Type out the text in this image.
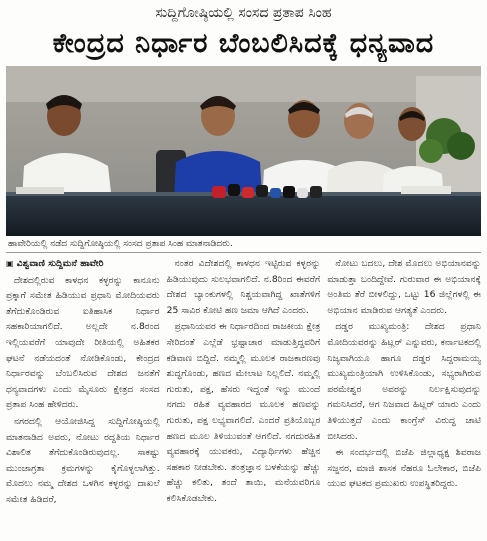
ಸುದ್ದಿಗೋಷ್ಠಿಯಲ್ಲಿ ಸಂಸದ ಪ್ರತಾಪ ಸಿಂಹ
ಕೇಂದ್ರದ ನಿರ್ಧಾರ ಬೆಂಬಲಿಸಿದಕ್ಕೆ ಧನ್ಯವಾದ
ಹಾವೇರಿಯಲ್ಲಿ ನಡೆದ ಸುದ್ದಿಗೋಷ್ಠಿಯಲ್ಲಿ ಸಂಸದ ಪ್ರತಾಪ ಸಿಂಹ ಮಾತನಾಡಿದರು.

▣ ವಿಶ್ವವಾಣಿ ಸುದ್ದಿಮನೆ ಹಾವೇರಿ

ದೇಶದಲ್ಲಿರುವ ಕಾಳಧನ ಕಳ್ಳರನ್ನು ಕಾನೂನು ಪ್ರಕ್ಕಾಗೆ ಸಮೇತ ಹಿಡಿಯುವ ಪ್ರಧಾನಿ ಮೋದಿಯವರು ತೆಗೆದುಕೊಂಡಿರುವ ಐತಿಹಾಸಿಕ ನಿರ್ಧಾರ ಸಹಕಾರಿಯಾಗಲಿದೆ. ಅಲ್ಲದೇ ನ.8ರಂದ ಇಲ್ಲಿಯವರೆಗೆ ಯಾವುದೇ ರೀತಿಯಲ್ಲಿ ಅಹಿತಕರ ಘಟನೆ ನಡೆಯದಂತೆ ನೋಡಿಕೊಂಡು, ಕೇಂದ್ರದ ನಿರ್ಧಾರವನ್ನು ಬೆಂಬಲಿಸಿರುವ ದೇಶದ ಜನತೆಗೆ ಧನ್ಯವಾದಗಳು ಎಂದು ಮೈಸೂರು ಕ್ಷೇತ್ರದ ಸಂಸದ ಪ್ರತಾಪ ಸಿಂಹ ಹೇಳಿದರು.

ನಗರದಲ್ಲಿ ಆಯೋಜಿಸಿದ್ದ ಸುದ್ದಿಗೋಷ್ಠಿಯಲ್ಲಿ ಮಾತನಾಡಿದ ಅವರು, ನೋಟು ರದ್ದತಿಯ ನಿರ್ಧಾರ ವಿಶಾಲಿತ ತೆಗೆದುಕೊಂಡಿರುವುದಲ್ಲ. ಸಾಕಷ್ಟು ಮುಂಜಾಗ್ರತಾ ಕ್ರಮಗಳನ್ನು ಕೈಗೊಳ್ಳಲಾಗಿತ್ತು. ಮೊದಲು ನಮ್ಮ ದೇಶದ ಒಳಗಿನ ಕಳ್ಳರನ್ನು ದಾಖಲೆ ಸಮೇತ ಹಿಡಿದರೆ,

ನಂತರ ವಿದೇಶದಲ್ಲಿ ಕಾಳಧನ ಇಟ್ಟಿರುವ ಕಳ್ಳರನ್ನು ಹಿಡಿಯುವುದು ಸುಲಭವಾಗಲಿದೆ. ನ.8ರಿಂದ ಈವರೆಗೆ ದೇಶದ ಬ್ಯಾಂಕುಗಳಲ್ಲಿ ನಿಶ್ಚಯವಾಗಿದ್ದ ಖಾತೆಗಳಿಗೆ 25 ಸಾವಿರ ಕೋಟಿ ಹಣ ಜಮಾ ಆಗಿದೆ ಎಂದರು.

ಪ್ರಧಾನಿಯವರ ಈ ನಿರ್ಧಾರದಿಂದ ರಾಜಕೀಯ ಕ್ಷೇತ್ರ ಸೇರಿದಂತೆ ಎಲ್ಲೆಡೆ ಭ್ರಷ್ಟಾಚಾರ ಮಾಡುತ್ತಿದ್ದವರಿಗೆ ಕಡಿವಾಣ ಬಿದ್ದಿದೆ. ನಮ್ಮಲ್ಲಿ ಮೂಲಕ ರಾಜಕಾರಣವು ಶುದ್ಧಗೊಂಡು, ಹಣದ ಮೇಲಾಟ ನಿಲ್ಲಲಿದೆ. ನಮ್ಮಲ್ಲಿ ಗುರುತು, ಪಕ್ಷ, ಹೆಸರು ಇದ್ದಂತೆ ಇನ್ನು ಮುಂದೆ ನಗದು ರಹಿತ ವ್ಯವಹಾರದ ಮೂಲಕ ಹಣವನ್ನು ಗುರುತು, ಪಕ್ಷ ಲಭ್ಯವಾಗಲಿದೆ. ಎಂದರೆ ಪ್ರತಿಯೊಬ್ಬರ ಹಣದ ಮೂಲ ತಿಳಿಯುವಂತೆ ಆಗಲಿದೆ. ನಗದುರಹಿತ ವ್ಯವಹಾರಕ್ಕೆ ಯುವಕರು, ವಿದ್ಯಾರ್ಥಿಗಳು ಹೆಚ್ಚಿನ ಸಹಕಾರ ನೀಡಬೇಕು. ತಂತ್ರಜ್ಞಾನ ಬಳಕೆಯನ್ನು ಹೆಚ್ಚು ಹೆಚ್ಚು ಕಲಿತು, ತಂದೆ ತಾಯಿ, ಮನೆಯವರಿಗೂ ಕಲಿಸಿಕೊಡಬೇಕು.

ನೋಟು ಬದಲು, ದೇಶ ಮೊದಲು ಅಭಿಯಾನವನ್ನು ಮಾಡುತ್ತಾ ಬಂದಿದ್ದೇವೆ. ಗುರುವಾರ ಈ ಅಭಿಯಾನಕ್ಕೆ ಅಂತಿಮ ತೆರೆ ಬೀಳಲಿದ್ದು, ಒಟ್ಟು 16 ಜಿಲ್ಲೆಗಳಲ್ಲಿ ಈ ಅಭಿಯಾನ ಮಾಡಿರುವ ಆಗತ್ಯತೆ ಎಂದರು.

ದಡ್ಡರ ಮುಖ್ಯಮಂತ್ರಿ: ದೇಶದ ಪ್ರಧಾನಿ ಮೋದಿಯವರನ್ನು ಹಿಟ್ಲರ್ ಎನ್ನುವರು, ಕರ್ನಾಟಕದಲ್ಲಿ ನಿಜ್ಯವಾಗಿಯೂ ಹಾಗೂ ದಡ್ಡರ ಸಿದ್ದರಾಮಯ್ಯ ಮುಖ್ಯಮಂತ್ರಿಯಾಗಿ ಉಳಿಸಿಕೊಂಡು, ಸಭ್ಯರಾಗಿರುವ ಪರಮೇಶ್ವರ ಅವರನ್ನು ನಿರ್ಲಕ್ಷಿಸುವುದನ್ನು ಗಮನಿಸಿದರೆ, ಆಗ ನಿಜವಾದ ಹಿಟ್ಲರ್ ಯಾರು ಎಂದು ತಿಳಿಯುತ್ತದೆ ಎಂದು ಕಾಂಗ್ರೆಸ್ ವಿರುದ್ಧ ಚಾಟಿ ಬೀಸಿದರು.

ಈ ಸಂದರ್ಭದಲ್ಲಿ ಬಿಜೆಪಿ ಜಿಲ್ಲಾಧ್ಯಕ್ಷ ಶಿವರಾಜ ಸಜ್ಜನರ, ಮಾಜಿ ಶಾಸಕ ನೆಹರೂ ಓಲೇಕಾರ, ಬಿಜೆಪಿ ಯುವ ಘಟಕದ ಪ್ರಮುಖರು ಉಪಸ್ಥಿತರಿದ್ದರು.
